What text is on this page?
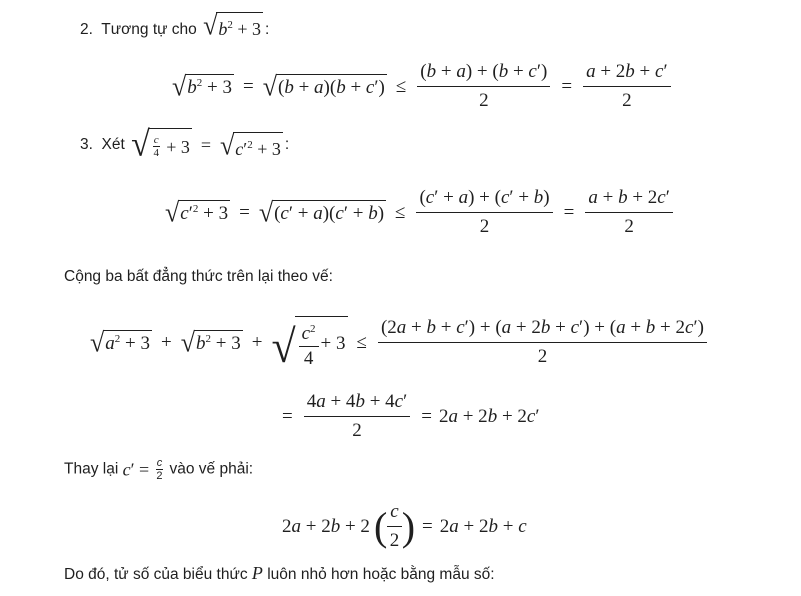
2.  Tương tự cho √ $b^2 + 3$ :
√ $b^2 + 3$ = √ $(b + a)(b + c') \le \frac{(b + a) + (b + c')}{2} = \frac{a + 2b + c'}{2}$
3.  Xét √ $\frac{c}{4} + 3$ = √ $c'^2 + 3$ :
√ $c'^2 + 3$ = √ $(c' + a)(c' + b) \le \frac{(c' + a) + (c' + b)}{2} = \frac{a + b + 2c'}{2}$
Cộng ba bất đẳng thức trên lại theo vế:
√ $a^2 + 3$ + √ $b^2 + 3$ + √ $\frac{c^2}{4} + 3 \le \frac{(2a + b + c') + (a + 2b + c') + (a + b + 2c')}{2}$
= $\frac{4a + 4b + 4c'}{2} = 2a + 2b + 2c'$
Thay lại $c' = \frac{c}{2}$ vào vế phải:
2a + 2b + 2 ( $\frac{c}{2}$ ) = 2a + 2b + c
Do đó, tử số của biểu thức P luôn nhỏ hơn hoặc bằng mẫu số:
